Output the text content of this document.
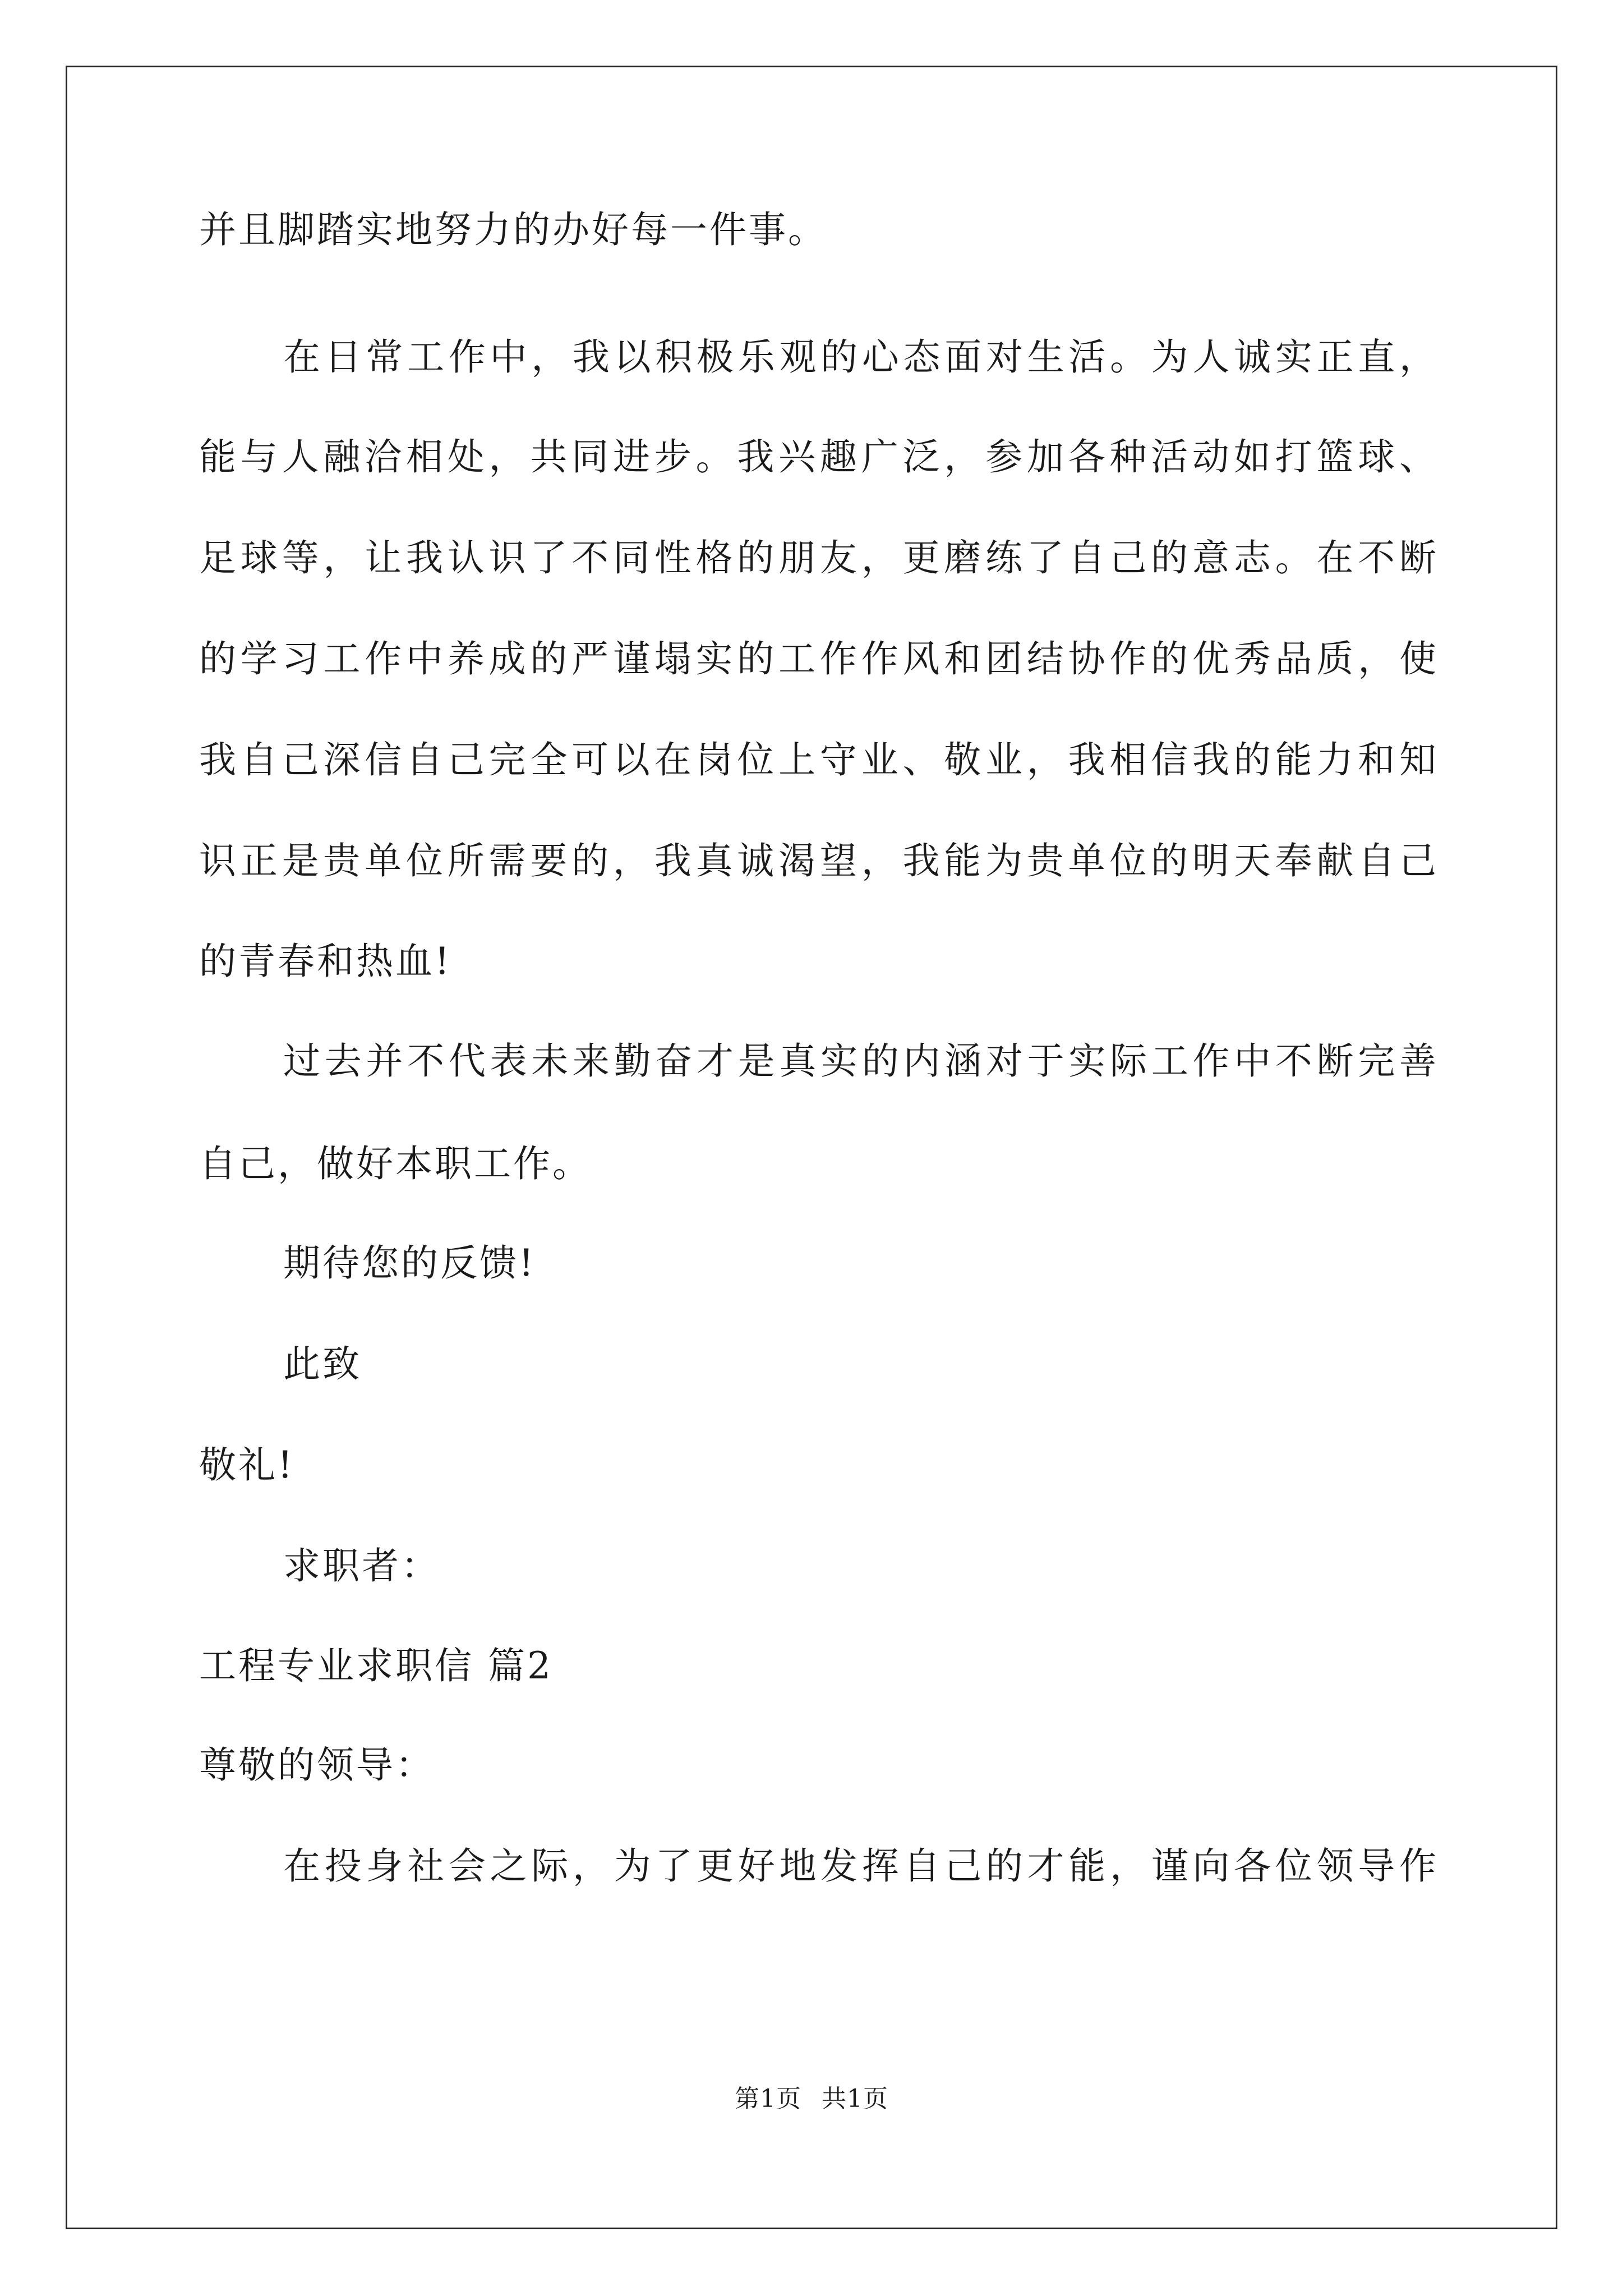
并且脚踏实地努力的办好每一件事。
在日常工作中，我以积极乐观的心态面对生活。为人诚实正直，
能与人融洽相处，共同进步。我兴趣广泛，参加各种活动如打篮球、
足球等，让我认识了不同性格的朋友，更磨练了自己的意志。在不断
的学习工作中养成的严谨塌实的工作作风和团结协作的优秀品质，使
我自己深信自己完全可以在岗位上守业、敬业，我相信我的能力和知
识正是贵单位所需要的，我真诚渴望，我能为贵单位的明天奉献自己
的青春和热血!
过去并不代表未来勤奋才是真实的内涵对于实际工作中不断完善
自己，做好本职工作。
期待您的反馈!
此致
敬礼!
求职者：
工程专业求职信 篇2
尊敬的领导：
在投身社会之际，为了更好地发挥自己的才能，谨向各位领导作
第1页 共1页
